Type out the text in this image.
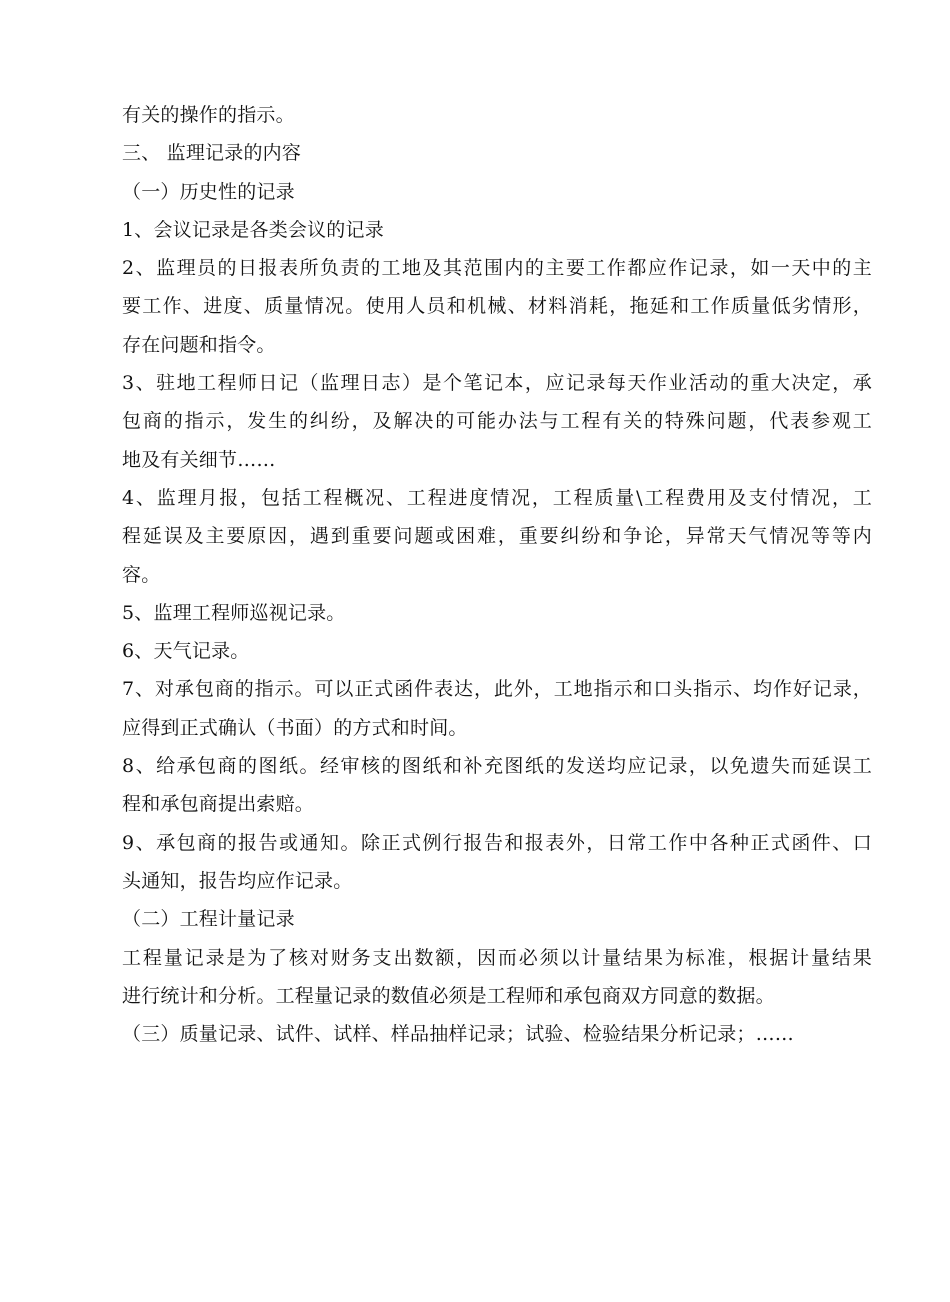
有关的操作的指示。
三、 监理记录的内容
（一）历史性的记录
1、会议记录是各类会议的记录
2、监理员的日报表所负责的工地及其范围内的主要工作都应作记录，如一天中的主
要工作、进度、质量情况。使用人员和机械、材料消耗，拖延和工作质量低劣情形，
存在问题和指令。
3、驻地工程师日记（监理日志）是个笔记本，应记录每天作业活动的重大决定，承
包商的指示，发生的纠纷，及解决的可能办法与工程有关的特殊问题，代表参观工
地及有关细节……
4、监理月报，包括工程概况、工程进度情况，工程质量\工程费用及支付情况，工
程延误及主要原因，遇到重要问题或困难，重要纠纷和争论，异常天气情况等等内
容。
5、监理工程师巡视记录。
6、天气记录。
7、对承包商的指示。可以正式函件表达，此外，工地指示和口头指示、均作好记录，
应得到正式确认（书面）的方式和时间。
8、给承包商的图纸。经审核的图纸和补充图纸的发送均应记录，以免遗失而延误工
程和承包商提出索赔。
9、承包商的报告或通知。除正式例行报告和报表外，日常工作中各种正式函件、口
头通知，报告均应作记录。
（二）工程计量记录
工程量记录是为了核对财务支出数额，因而必须以计量结果为标准，根据计量结果
进行统计和分析。工程量记录的数值必须是工程师和承包商双方同意的数据。
（三）质量记录、试件、试样、样品抽样记录；试验、检验结果分析记录；……
